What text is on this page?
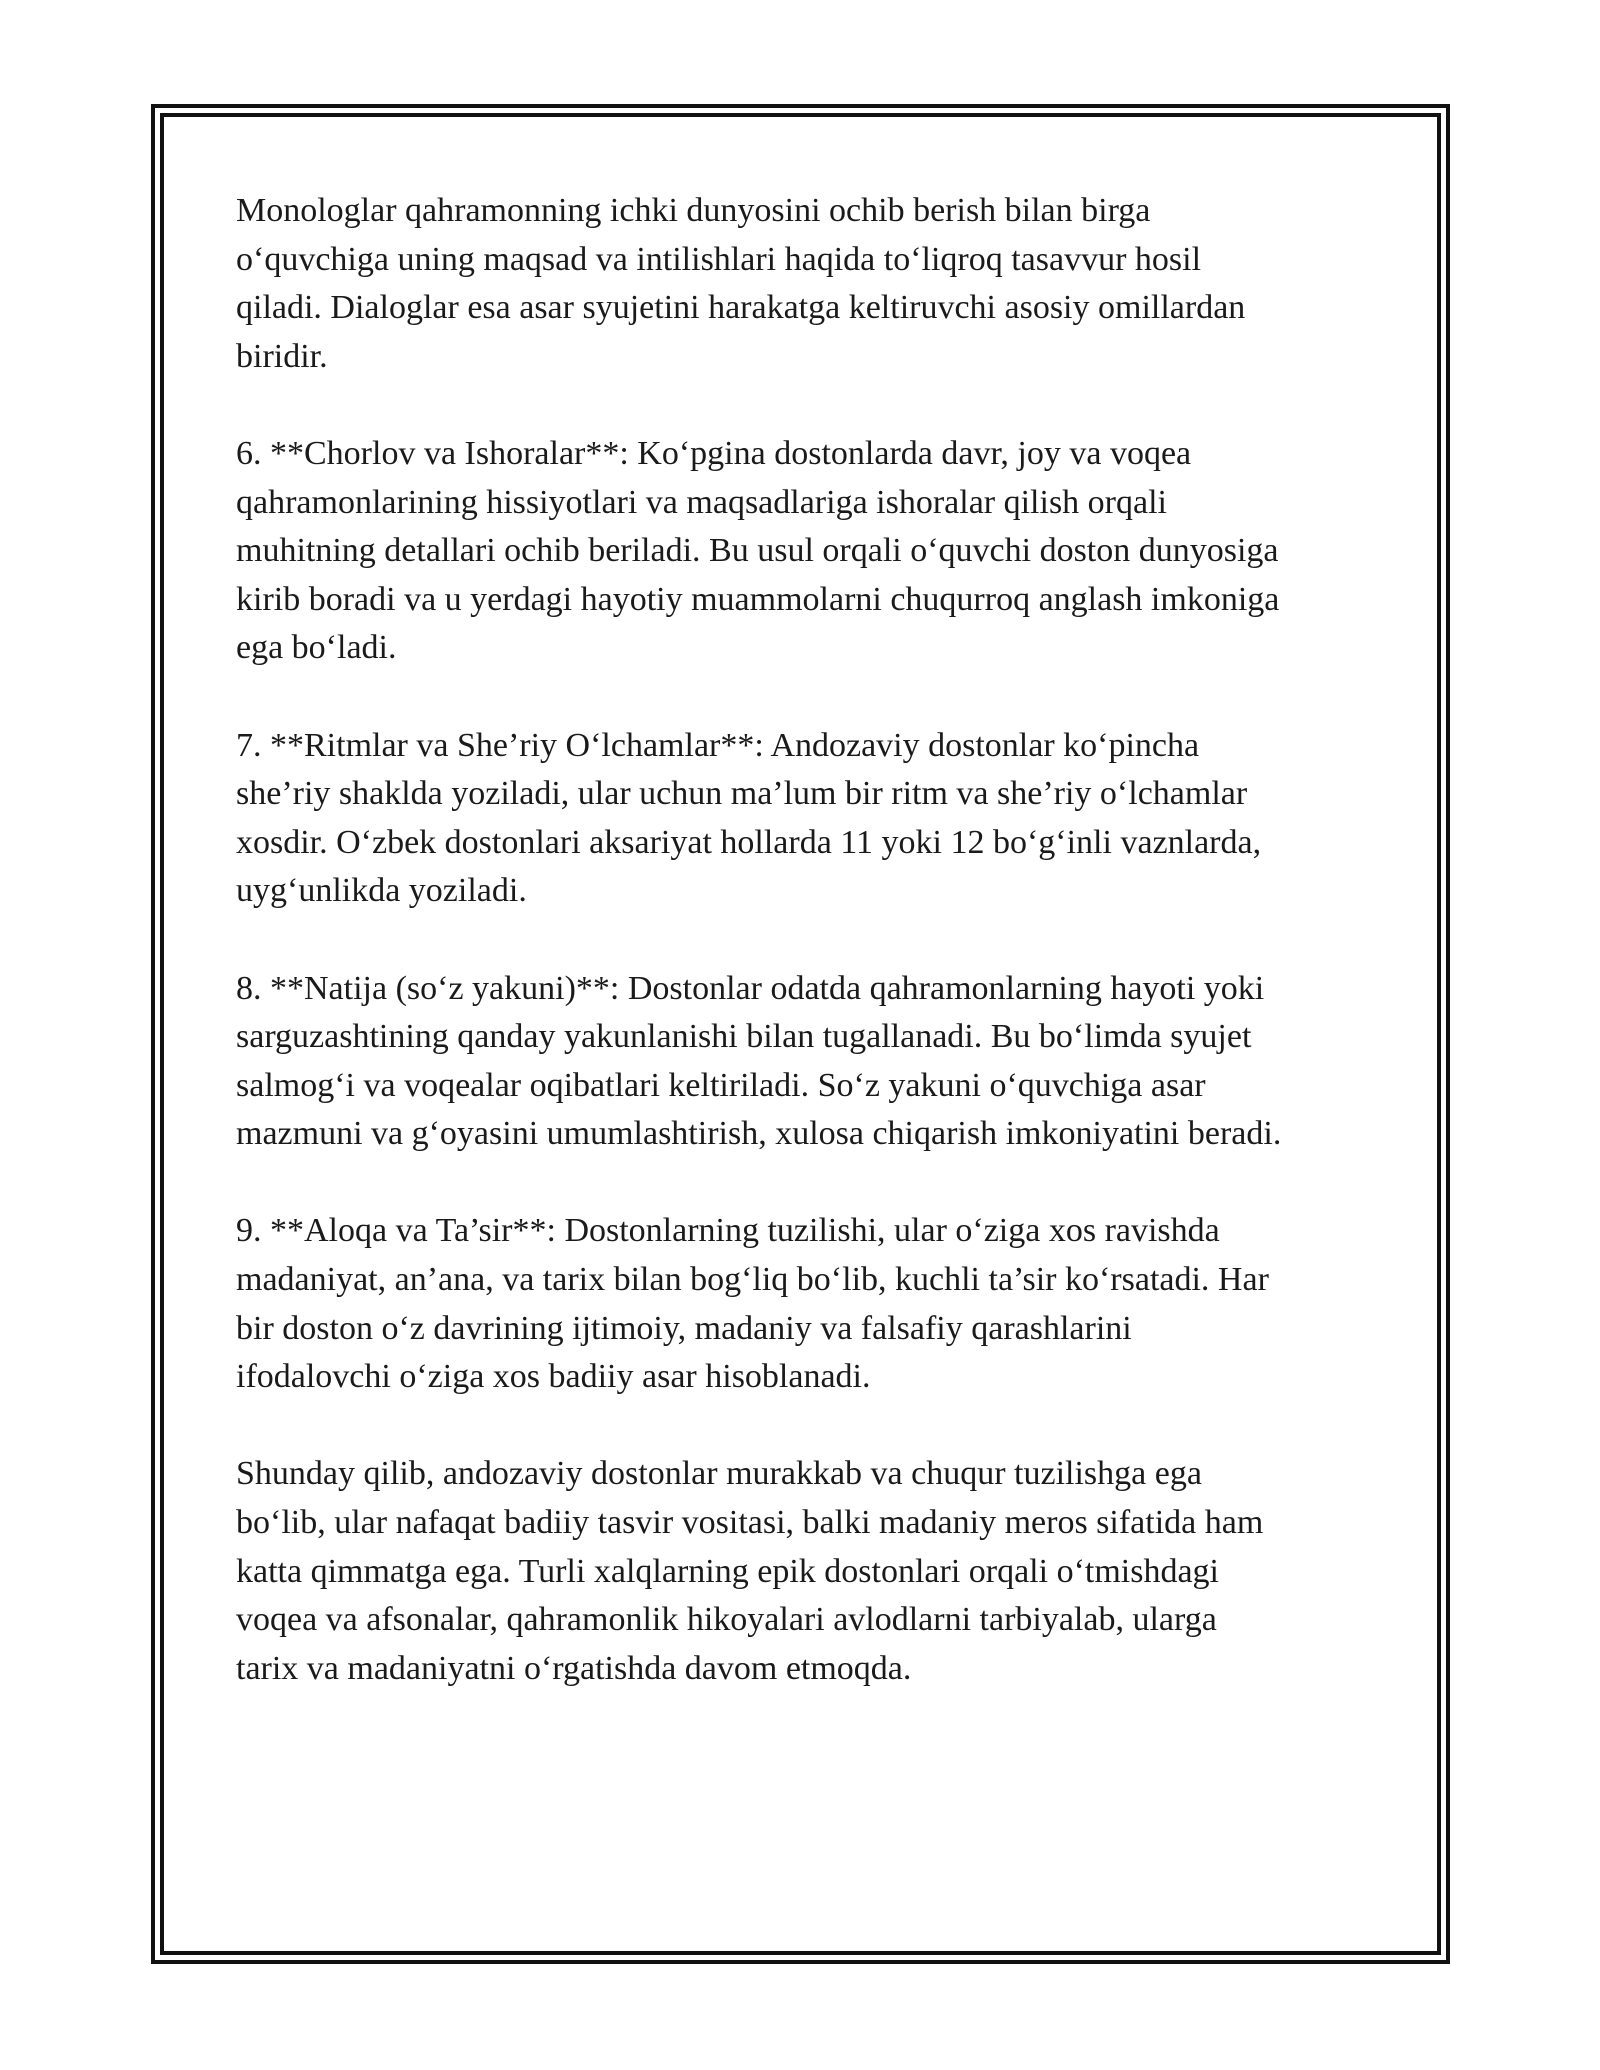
Monologlar qahramonning ichki dunyosini ochib berish bilan birga
o‘quvchiga uning maqsad va intilishlari haqida to‘liqroq tasavvur hosil
qiladi. Dialoglar esa asar syujetini harakatga keltiruvchi asosiy omillardan
biridir.

6. **Chorlov va Ishoralar**: Ko‘pgina dostonlarda davr, joy va voqea
qahramonlarining hissiyotlari va maqsadlariga ishoralar qilish orqali
muhitning detallari ochib beriladi. Bu usul orqali o‘quvchi doston dunyosiga
kirib boradi va u yerdagi hayotiy muammolarni chuqurroq anglash imkoniga
ega bo‘ladi.

7. **Ritmlar va She’riy O‘lchamlar**: Andozaviy dostonlar ko‘pincha
she’riy shaklda yoziladi, ular uchun ma’lum bir ritm va she’riy o‘lchamlar
xosdir. O‘zbek dostonlari aksariyat hollarda 11 yoki 12 bo‘g‘inli vaznlarda,
uyg‘unlikda yoziladi.

8. **Natija (so‘z yakuni)**: Dostonlar odatda qahramonlarning hayoti yoki
sarguzashtining qanday yakunlanishi bilan tugallanadi. Bu bo‘limda syujet
salmog‘i va voqealar oqibatlari keltiriladi. So‘z yakuni o‘quvchiga asar
mazmuni va g‘oyasini umumlashtirish, xulosa chiqarish imkoniyatini beradi.

9. **Aloqa va Ta’sir**: Dostonlarning tuzilishi, ular o‘ziga xos ravishda
madaniyat, an’ana, va tarix bilan bog‘liq bo‘lib, kuchli ta’sir ko‘rsatadi. Har
bir doston o‘z davrining ijtimoiy, madaniy va falsafiy qarashlarini
ifodalovchi o‘ziga xos badiiy asar hisoblanadi.

Shunday qilib, andozaviy dostonlar murakkab va chuqur tuzilishga ega
bo‘lib, ular nafaqat badiiy tasvir vositasi, balki madaniy meros sifatida ham
katta qimmatga ega. Turli xalqlarning epik dostonlari orqali o‘tmishdagi
voqea va afsonalar, qahramonlik hikoyalari avlodlarni tarbiyalab, ularga
tarix va madaniyatni o‘rgatishda davom etmoqda.
